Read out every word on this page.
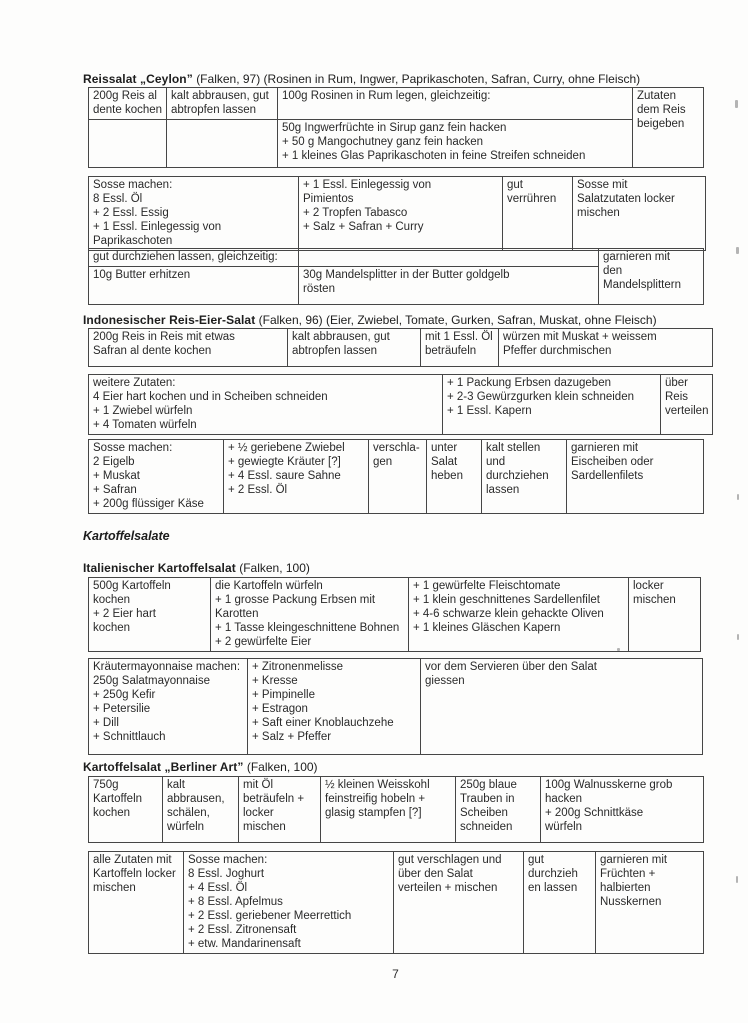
Reissalat „Ceylon” (Falken, 97) (Rosinen in Rum, Ingwer, Paprikaschoten, Safran, Curry, ohne Fleisch)
200g Reis al
dente kochen	kalt abbrausen, gut
abtropfen lassen	100g Rosinen in Rum legen, gleichzeitig:	Zutaten
dem Reis
beigeben
		50g Ingwerfrüchte in Sirup ganz fein hacken
+ 50 g Mangochutney ganz fein hacken
+ 1 kleines Glas Paprikaschoten in feine Streifen schneiden	
Sosse machen:
8 Essl. Öl
+ 2 Essl. Essig
+ 1 Essl. Einlegessig von Paprikaschoten	+ 1 Essl. Einlegessig von
Pimientos
+ 2 Tropfen Tabasco
+ Salz + Safran + Curry	gut
verrühren	Sosse mit
Salatzutaten locker
mischen
gut durchziehen lassen, gleichzeitig:		garnieren mit
den
Mandelsplittern
10g Butter erhitzen	30g Mandelsplitter in der Butter goldgelb
rösten	
Indonesischer Reis-Eier-Salat (Falken, 96) (Eier, Zwiebel, Tomate, Gurken, Safran, Muskat, ohne Fleisch)
200g Reis in Reis mit etwas
Safran al dente kochen	kalt abbrausen, gut
abtropfen lassen	mit 1 Essl. Öl
beträufeln	würzen mit Muskat + weissem
Pfeffer durchmischen
weitere Zutaten:
4 Eier hart kochen und in Scheiben schneiden
+ 1 Zwiebel würfeln
+ 4 Tomaten würfeln	+ 1 Packung Erbsen dazugeben
+ 2-3 Gewürzgurken klein schneiden
+ 1 Essl. Kapern	über
Reis
verteilen
Sosse machen:
2 Eigelb
+ Muskat
+ Safran
+ 200g flüssiger Käse	+ ½ geriebene Zwiebel
+ gewiegte Kräuter [?]
+ 4 Essl. saure Sahne
+ 2 Essl. Öl	verschla-
gen	unter
Salat
heben	kalt stellen
und
durchziehen
lassen	garnieren mit
Eischeiben oder
Sardellenfilets
Kartoffelsalate
Italienischer Kartoffelsalat (Falken, 100)
500g Kartoffeln
kochen
+ 2 Eier hart
kochen	die Kartoffeln würfeln
+ 1 grosse Packung Erbsen mit
Karotten
+ 1 Tasse kleingeschnittene Bohnen
+ 2 gewürfelte Eier	+ 1 gewürfelte Fleischtomate
+ 1 klein geschnittenes Sardellenfilet
+ 4-6 schwarze klein gehackte Oliven
+ 1 kleines Gläschen Kapern	locker
mischen
Kräutermayonnaise machen:
250g Salatmayonnaise
+ 250g Kefir
+ Petersilie
+ Dill
+ Schnittlauch	+ Zitronenmelisse
+ Kresse
+ Pimpinelle
+ Estragon
+ Saft einer Knoblauchzehe
+ Salz + Pfeffer	vor dem Servieren über den Salat
giessen
Kartoffelsalat „Berliner Art” (Falken, 100)
750g
Kartoffeln
kochen	kalt
abbrausen,
schälen,
würfeln	mit Öl
beträufeln +
locker
mischen	½ kleinen Weisskohl
feinstreifig hobeln +
glasig stampfen [?]	250g blaue
Trauben in
Scheiben
schneiden	100g Walnusskerne grob
hacken
+ 200g Schnittkäse
würfeln
alle Zutaten mit
Kartoffeln locker
mischen	Sosse machen:
8 Essl. Joghurt
+ 4 Essl. Öl
+ 8 Essl. Apfelmus
+ 2 Essl. geriebener Meerrettich
+ 2 Essl. Zitronensaft
+ etw. Mandarinensaft	gut verschlagen und
über den Salat
verteilen + mischen	gut
durchzieh
en lassen	garnieren mit
Früchten +
halbierten
Nusskernen
7
